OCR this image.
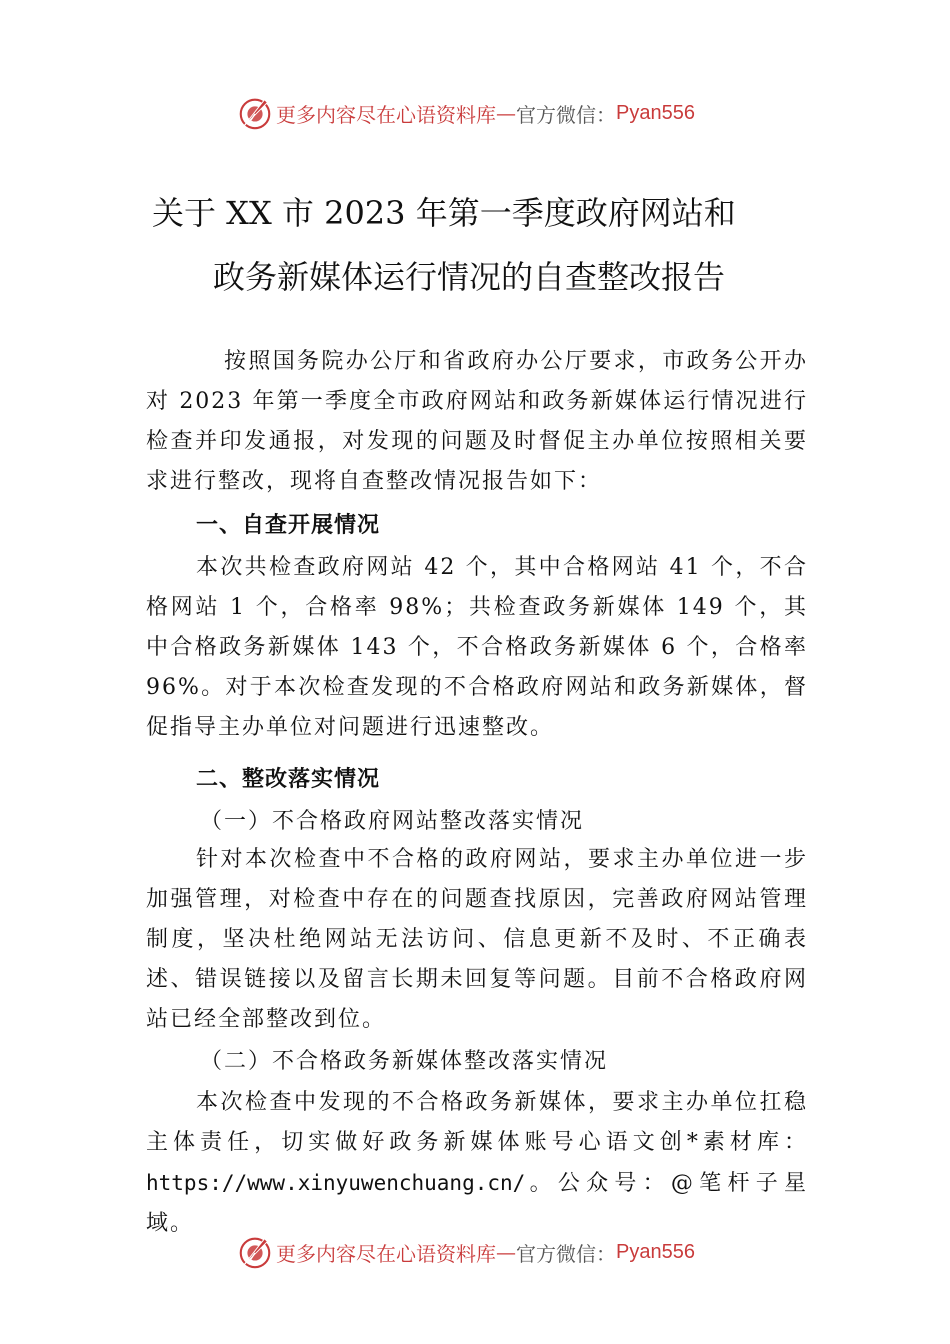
更多内容尽在心语资料库 — 官方微信： Pyan556
关于 XX 市 2023 年第一季度政府网站和
政务新媒体运行情况的自查整改报告
按照国务院办公厅和省政府办公厅要求，市政务公开办对 2023 年第一季度全市政府网站和政务新媒体运行情况进行检查并印发通报，对发现的问题及时督促主办单位按照相关要求进行整改，现将自查整改情况报告如下：
一、自查开展情况
本次共检查政府网站 42 个，其中合格网站 41 个，不合格网站 1 个，合格率 98%；共检查政务新媒体 149 个，其中合格政务新媒体 143 个，不合格政务新媒体 6 个，合格率96%。对于本次检查发现的不合格政府网站和政务新媒体，督促指导主办单位对问题进行迅速整改。
二、整改落实情况
（一）不合格政府网站整改落实情况
针对本次检查中不合格的政府网站，要求主办单位进一步加强管理，对检查中存在的问题查找原因，完善政府网站管理制度，坚决杜绝网站无法访问、信息更新不及时、不正确表述、错误链接以及留言长期未回复等问题。目前不合格政府网站已经全部整改到位。
（二）不合格政务新媒体整改落实情况
本次检查中发现的不合格政务新媒体，要求主办单位扛稳主体责任，切实做好政务新媒体账号心语文创*素材库：https://www.xinyuwenchuang.cn/。公众号：@笔杆子星域。
更多内容尽在心语资料库 — 官方微信： Pyan556
